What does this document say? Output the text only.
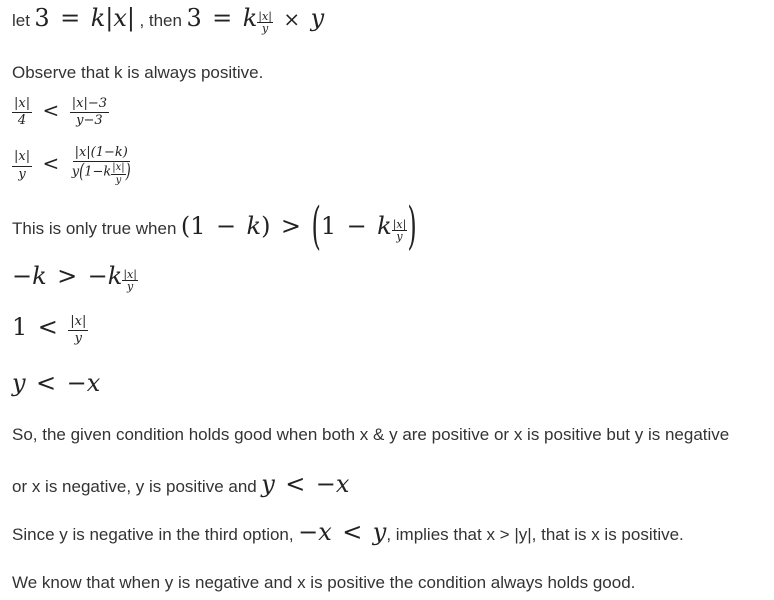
let 3 = k|x| , then 3 = k $\frac{|x|}{y} \times y$
Observe that k is always positive.
$\frac{|x|}{4} < \frac{|x|-3}{y-3}$
$\frac{|x|}{y} < \frac{|x|(1-k)}{y(1-k \frac{|x|}{y} )}$
This is only true when (1 − k) > (1 − k $\frac{|x|}{y}$ )
$-k > -k \frac{|x|}{y}$
$1 < \frac{|x|}{y}$
y < −x
So, the given condition holds good when both x & y are positive or x is positive but y is negative
or x is negative, y is positive and y < −x
Since y is negative in the third option, −x < y, implies that x > |y|, that is x is positive.
We know that when y is negative and x is positive the condition always holds good.
